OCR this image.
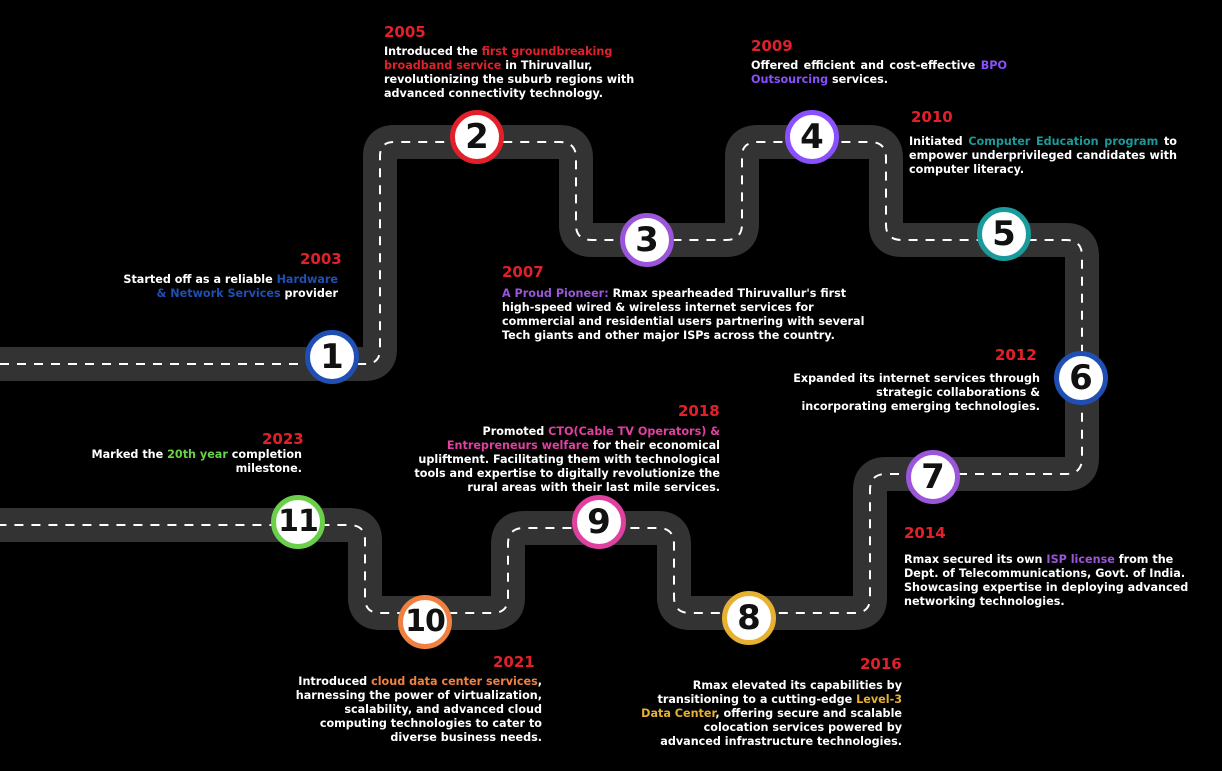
1
2
3
4
5
6
7
8
9
10
11
2003
2005
2007
2009
2010
2012
2014
2016
2018
2021
2023
Started off as a reliable Hardware & Network Services provider
Introduced the first groundbreaking broadband service in Thiruvallur, revolutionizing the suburb regions with advanced connectivity technology.
A Proud Pioneer: Rmax spearheaded Thiruvallur's first high-speed wired & wireless internet services for commercial and residential users partnering with several Tech giants and other major ISPs across the country.
Offered efficient and cost-effective BPO Outsourcing services.
Initiated Computer Education program to empower underprivileged candidates with computer literacy.
Expanded its internet services through strategic collaborations & incorporating emerging technologies.
Rmax secured its own ISP license from the Dept. of Telecommunications, Govt. of India. Showcasing expertise in deploying advanced networking technologies.
Rmax elevated its capabilities by transitioning to a cutting-edge Level-3 Data Center, offering secure and scalable colocation services powered by advanced infrastructure technologies.
Promoted CTO(Cable TV Operators) & Entrepreneurs welfare for their economical upliftment. Facilitating them with technological tools and expertise to digitally revolutionize the rural areas with their last mile services.
Introduced cloud data center services, harnessing the power of virtualization, scalability, and advanced cloud computing technologies to cater to diverse business needs.
Marked the 20th year completion milestone.
